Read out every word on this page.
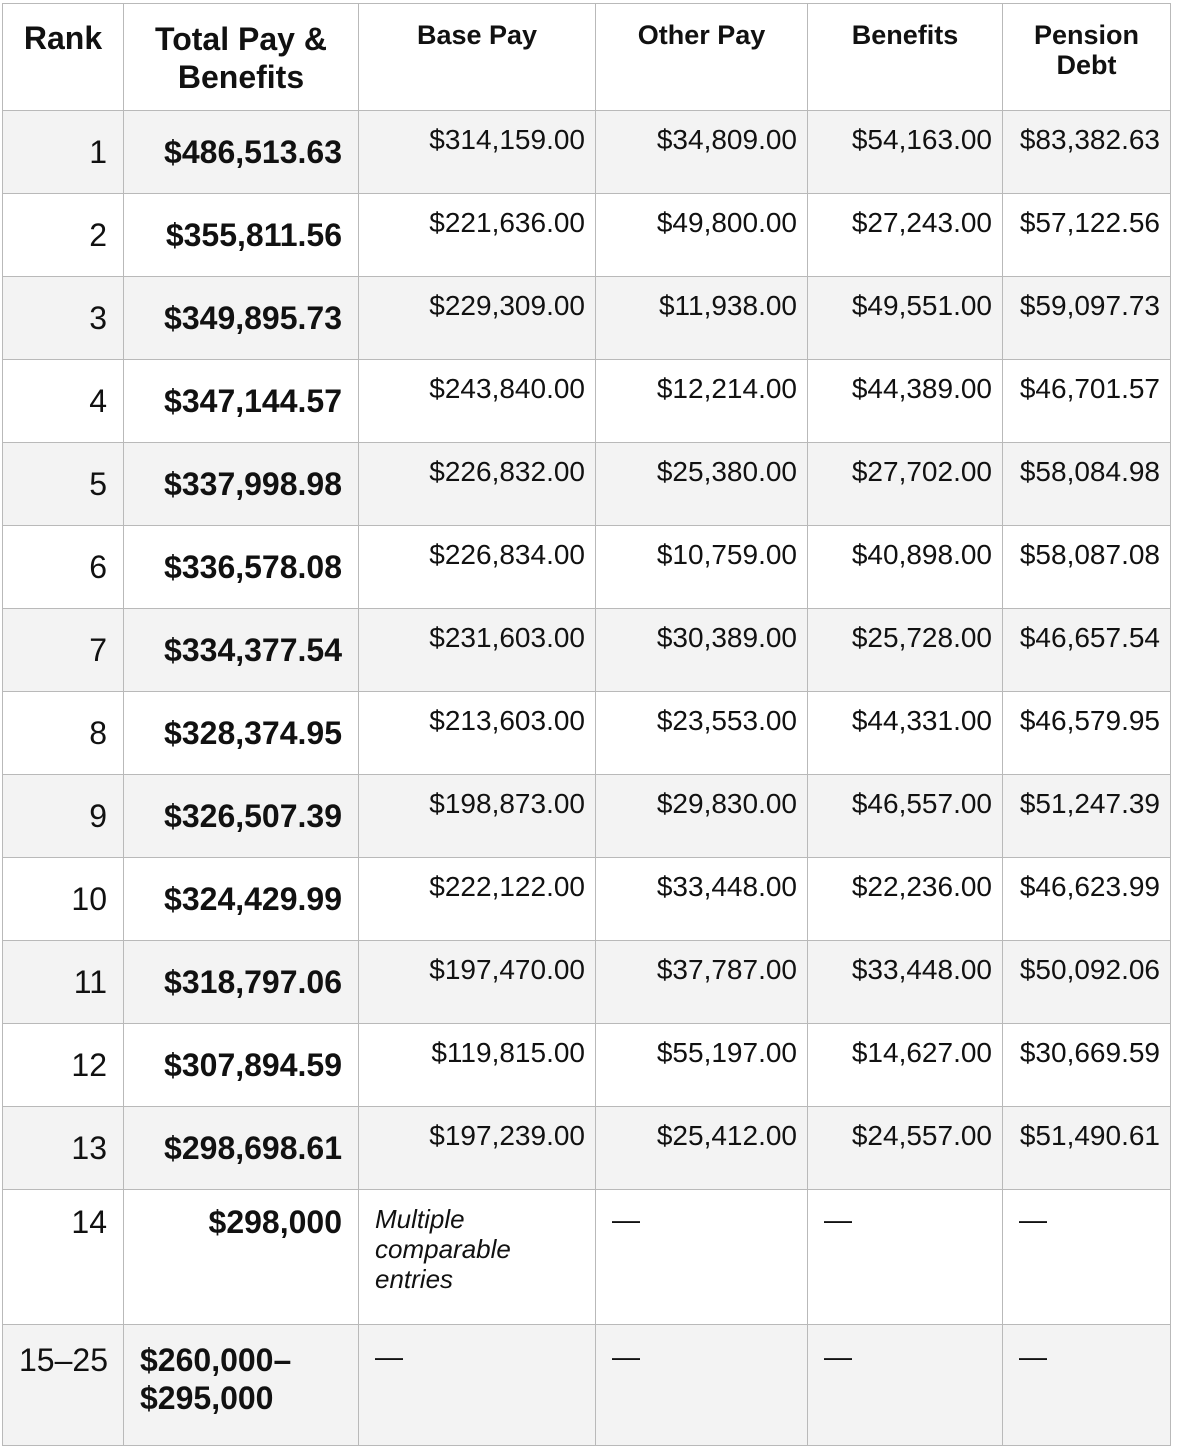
Rank	Total Pay & Benefits	Base Pay	Other Pay	Benefits	Pension Debt
1	$486,513.63	$314,159.00	$34,809.00	$54,163.00	$83,382.63
2	$355,811.56	$221,636.00	$49,800.00	$27,243.00	$57,122.56
3	$349,895.73	$229,309.00	$11,938.00	$49,551.00	$59,097.73
4	$347,144.57	$243,840.00	$12,214.00	$44,389.00	$46,701.57
5	$337,998.98	$226,832.00	$25,380.00	$27,702.00	$58,084.98
6	$336,578.08	$226,834.00	$10,759.00	$40,898.00	$58,087.08
7	$334,377.54	$231,603.00	$30,389.00	$25,728.00	$46,657.54
8	$328,374.95	$213,603.00	$23,553.00	$44,331.00	$46,579.95
9	$326,507.39	$198,873.00	$29,830.00	$46,557.00	$51,247.39
10	$324,429.99	$222,122.00	$33,448.00	$22,236.00	$46,623.99
11	$318,797.06	$197,470.00	$37,787.00	$33,448.00	$50,092.06
12	$307,894.59	$119,815.00	$55,197.00	$14,627.00	$30,669.59
13	$298,698.61	$197,239.00	$25,412.00	$24,557.00	$51,490.61
14	$298,000	Multiple comparable entries	—	—	—
15–25	$260,000–$295,000	—	—	—	—
